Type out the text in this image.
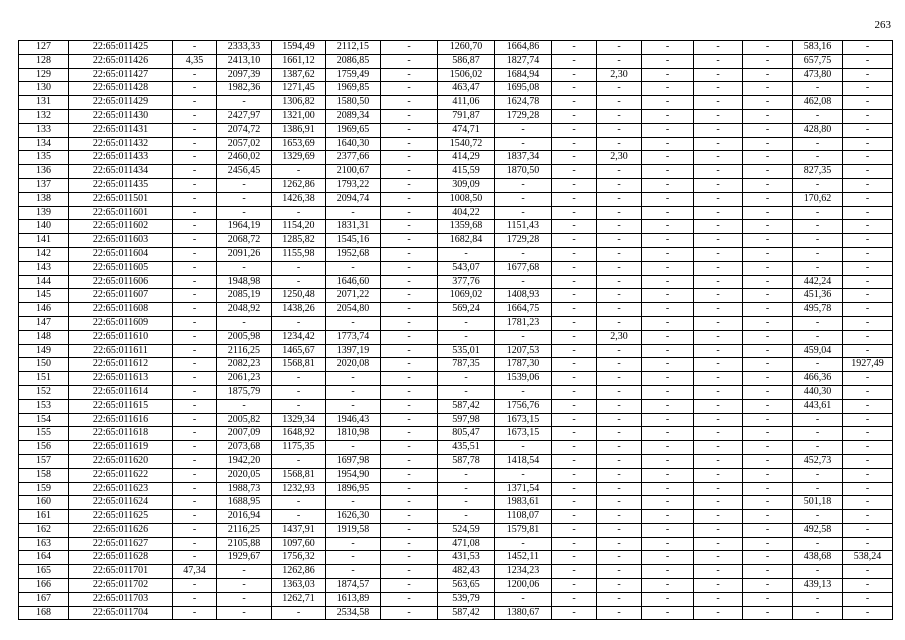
263
127	22:65:011425	-	2333,33	1594,49	2112,15	-	1260,70	1664,86	-	-	-	-	-	583,16	-
128	22:65:011426	4,35	2413,10	1661,12	2086,85	-	586,87	1827,74	-	-	-	-	-	657,75	-
129	22:65:011427	-	2097,39	1387,62	1759,49	-	1506,02	1684,94	-	2,30	-	-	-	473,80	-
130	22:65:011428	-	1982,36	1271,45	1969,85	-	463,47	1695,08	-	-	-	-	-	-	-
131	22:65:011429	-	-	1306,82	1580,50	-	411,06	1624,78	-	-	-	-	-	462,08	-
132	22:65:011430	-	2427,97	1321,00	2089,34	-	791,87	1729,28	-	-	-	-	-	-	-
133	22:65:011431	-	2074,72	1386,91	1969,65	-	474,71	-	-	-	-	-	-	428,80	-
134	22:65:011432	-	2057,02	1653,69	1640,30	-	1540,72	-	-	-	-	-	-	-	-
135	22:65:011433	-	2460,02	1329,69	2377,66	-	414,29	1837,34	-	2,30	-	-	-	-	-
136	22:65:011434	-	2456,45	-	2100,67	-	415,59	1870,50	-	-	-	-	-	827,35	-
137	22:65:011435	-	-	1262,86	1793,22	-	309,09	-	-	-	-	-	-	-	-
138	22:65:011501	-	-	1426,38	2094,74	-	1008,50	-	-	-	-	-	-	170,62	-
139	22:65:011601	-	-	-	-	-	404,22	-	-	-	-	-	-	-	-
140	22:65:011602	-	1964,19	1154,20	1831,31	-	1359,68	1151,43	-	-	-	-	-	-	-
141	22:65:011603	-	2068,72	1285,82	1545,16	-	1682,84	1729,28	-	-	-	-	-	-	-
142	22:65:011604	-	2091,26	1155,98	1952,68	-	-	-	-	-	-	-	-	-	-
143	22:65:011605	-	-	-	-	-	543,07	1677,68	-	-	-	-	-	-	-
144	22:65:011606	-	1948,98	-	1646,60	-	377,76	-	-	-	-	-	-	442,24	-
145	22:65:011607	-	2085,19	1250,48	2071,22	-	1069,02	1408,93	-	-	-	-	-	451,36	-
146	22:65:011608	-	2048,92	1438,26	2054,80	-	569,24	1664,75	-	-	-	-	-	495,78	-
147	22:65:011609	-	-	-	-	-	-	1781,23	-	-	-	-	-	-	-
148	22:65:011610	-	2005,98	1234,42	1773,74	-	-	-	-	2,30	-	-	-	-	-
149	22:65:011611	-	2116,25	1465,67	1397,19	-	535,01	1207,53	-	-	-	-	-	459,04	-
150	22:65:011612	-	2082,23	1568,81	2020,08	-	787,35	1787,30	-	-	-	-	-	-	1927,49
151	22:65:011613	-	2061,23	-	-	-	-	1539,06	-	-	-	-	-	466,36	-
152	22:65:011614	-	1875,79	-	-	-	-	-	-	-	-	-	-	440,30	-
153	22:65:011615	-	-	-	-	-	587,42	1756,76	-	-	-	-	-	443,61	-
154	22:65:011616	-	2005,82	1329,34	1946,43	-	597,98	1673,15	-	-	-	-	-	-	-
155	22:65:011618	-	2007,09	1648,92	1810,98	-	805,47	1673,15	-	-	-	-	-	-	-
156	22:65:011619	-	2073,68	1175,35	-	-	435,51	-	-	-	-	-	-	-	-
157	22:65:011620	-	1942,20	-	1697,98	-	587,78	1418,54	-	-	-	-	-	452,73	-
158	22:65:011622	-	2020,05	1568,81	1954,90	-	-	-	-	-	-	-	-	-	-
159	22:65:011623	-	1988,73	1232,93	1896,95	-	-	1371,54	-	-	-	-	-	-	-
160	22:65:011624	-	1688,95	-	-	-	-	1983,61	-	-	-	-	-	501,18	-
161	22:65:011625	-	2016,94	-	1626,30	-	-	1108,07	-	-	-	-	-	-	-
162	22:65:011626	-	2116,25	1437,91	1919,58	-	524,59	1579,81	-	-	-	-	-	492,58	-
163	22:65:011627	-	2105,88	1097,60	-	-	471,08	-	-	-	-	-	-	-	-
164	22:65:011628	-	1929,67	1756,32	-	-	431,53	1452,11	-	-	-	-	-	438,68	538,24
165	22:65:011701	47,34	-	1262,86	-	-	482,43	1234,23	-	-	-	-	-	-	-
166	22:65:011702	-	-	1363,03	1874,57	-	563,65	1200,06	-	-	-	-	-	439,13	-
167	22:65:011703	-	-	1262,71	1613,89	-	539,79	-	-	-	-	-	-	-	-
168	22:65:011704	-	-	-	2534,58	-	587,42	1380,67	-	-	-	-	-	-	-
